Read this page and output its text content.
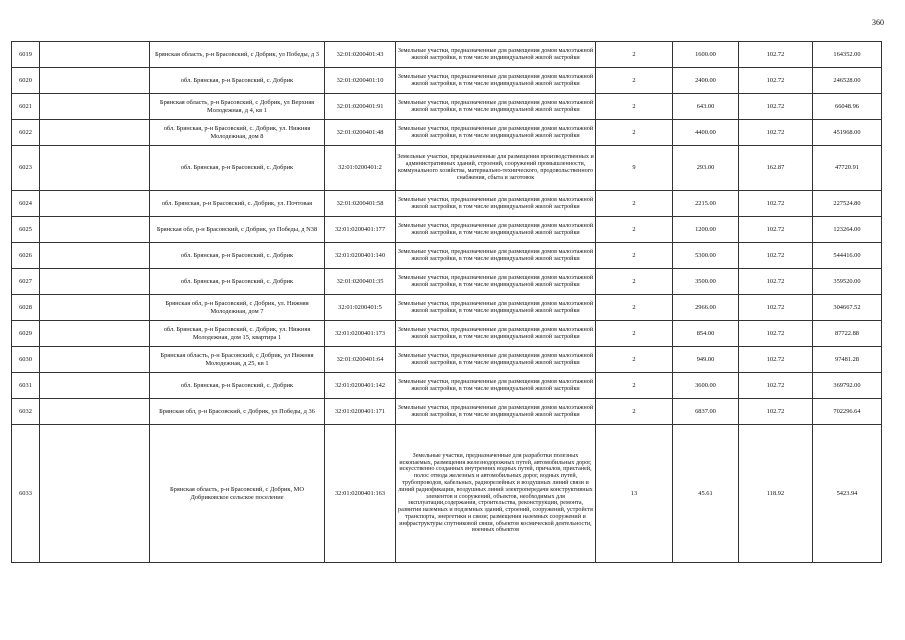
360
6019		Брянская область, р-н Брасовский, с Добрик, ул Победы, д 3	32:01:0200401:43	Земельные участки, предназначенные для размещения домов малоэтажной жилой застройки, в том числе индивидуальной жилой застройки	2	1600.00	102.72	164352.00
6020		обл. Брянская, р-н Брасовский, с. Добрик	32:01:0200401:10	Земельные участки, предназначенные для размещения домов малоэтажной жилой застройки, в том числе индивидуальной жилой застройки	2	2400.00	102.72	246528.00
6021		Брянская область, р-н Брасовский, с Добрик, ул Верхняя Молодежная, д 4, кв 1	32:01:0200401:91	Земельные участки, предназначенные для размещения домов малоэтажной жилой застройки, в том числе индивидуальной жилой застройки	2	643.00	102.72	66048.96
6022		обл. Брянская, р-н Брасовский, с. Добрик, ул. Нижняя Молодежная, дом 8	32:01:0200401:48	Земельные участки, предназначенные для размещения домов малоэтажной жилой застройки, в том числе индивидуальной жилой застройки	2	4400.00	102.72	451968.00
6023		обл. Брянская, р-н Брасовский, с. Добрик	32:01:0200401:2	Земельные участки, предназначенные для размещения производственных и административных зданий, строений, сооружений промышленности, коммунального хозяйства, материально-технического, продовольственного снабжения, сбыта и заготовок	9	293.00	162.87	47720.91
6024		обл. Брянская, р-н Брасовский, с. Добрик, ул. Почтовая	32:01:0200401:58	Земельные участки, предназначенные для размещения домов малоэтажной жилой застройки, в том числе индивидуальной жилой застройки	2	2215.00	102.72	227524.80
6025		Брянская обл, р-н Брасовский, с Добрик, ул Победы, д N38	32:01:0200401:177	Земельные участки, предназначенные для размещения домов малоэтажной жилой застройки, в том числе индивидуальной жилой застройки	2	1200.00	102.72	123264.00
6026		обл. Брянская, р-н Брасовский, с. Добрик	32:01:0200401:140	Земельные участки, предназначенные для размещения домов малоэтажной жилой застройки, в том числе индивидуальной жилой застройки	2	5300.00	102.72	544416.00
6027		обл. Брянская, р-н Брасовский, с. Добрик	32:01:0200401:35	Земельные участки, предназначенные для размещения домов малоэтажной жилой застройки, в том числе индивидуальной жилой застройки	2	3500.00	102.72	359520.00
6028		Брянская обл, р-н Брасовский, с Добрик, ул. Нижняя Молодежная, дом 7	32:01:0200401:5	Земельные участки, предназначенные для размещения домов малоэтажной жилой застройки, в том числе индивидуальной жилой застройки	2	2966.00	102.72	304667.52
6029		обл. Брянская, р-н Брасовский, с. Добрик, ул. Нижняя Молодежная, дом 15, квартира 1	32:01:0200401:173	Земельные участки, предназначенные для размещения домов малоэтажной жилой застройки, в том числе индивидуальной жилой застройки	2	854.00	102.72	87722.88
6030		Брянская область, р-н Брасовский, с Добрик, ул Нижняя Молодежная, д 25, кв 1	32:01:0200401:64	Земельные участки, предназначенные для размещения домов малоэтажной жилой застройки, в том числе индивидуальной жилой застройки	2	949.00	102.72	97481.28
6031		обл. Брянская, р-н Брасовский, с. Добрик	32:01:0200401:142	Земельные участки, предназначенные для размещения домов малоэтажной жилой застройки, в том числе индивидуальной жилой застройки	2	3600.00	102.72	369792.00
6032		Брянская обл, р-н Брасовский, с Добрик, ул Победы, д 36	32:01:0200401:171	Земельные участки, предназначенные для размещения домов малоэтажной жилой застройки, в том числе индивидуальной жилой застройки	2	6837.00	102.72	702296.64
6033		Брянская область, р-н Брасовский, с Добрик, МО Добриковское сельское поселение	32:01:0200401:163	Земельные участки, предназначенные для разработки полезных ископаемых, размещения железнодорожных путей, автомобильных дорог, искусственно созданных внутренних водных путей, причалов, пристаней, полос отвода железных и автомобильных дорог, водных путей, трубопроводов, кабельных, радиорелейных и воздушных линий связи и линий радиофикации, воздушных линий электропередачи конструктивных элементов и сооружений, объектов, необходимых для эксплуатации,содержания, строительства, реконструкции, ремонта, развития наземных и подземных зданий, строений, сооружений, устройств транспорта, энергетики и связи; размещения наземных сооружений и инфраструктуры спутниковой связи, объектов космической деятельности, военных объектов	13	45.61	118.92	5423.94
